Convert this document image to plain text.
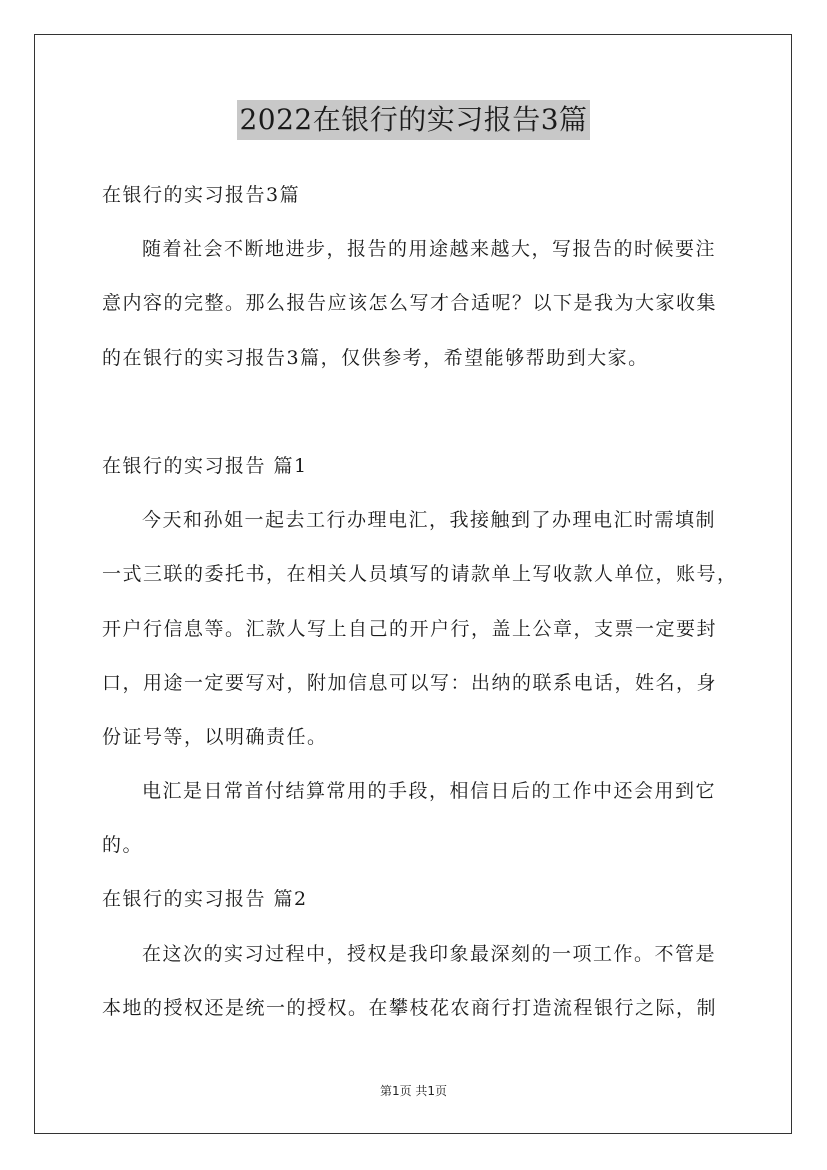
2022在银行的实习报告3篇
在银行的实习报告3篇
随着社会不断地进步，报告的用途越来越大，写报告的时候要注
意内容的完整。那么报告应该怎么写才合适呢？以下是我为大家收集
的在银行的实习报告3篇，仅供参考，希望能够帮助到大家。
在银行的实习报告 篇1
今天和孙姐一起去工行办理电汇，我接触到了办理电汇时需填制
一式三联的委托书，在相关人员填写的请款单上写收款人单位，账号，
开户行信息等。汇款人写上自己的开户行，盖上公章，支票一定要封
口，用途一定要写对，附加信息可以写：出纳的联系电话，姓名，身
份证号等，以明确责任。
电汇是日常首付结算常用的手段，相信日后的工作中还会用到它
的。
在银行的实习报告 篇2
在这次的实习过程中，授权是我印象最深刻的一项工作。不管是
本地的授权还是统一的授权。在攀枝花农商行打造流程银行之际，制
第1页 共1页
